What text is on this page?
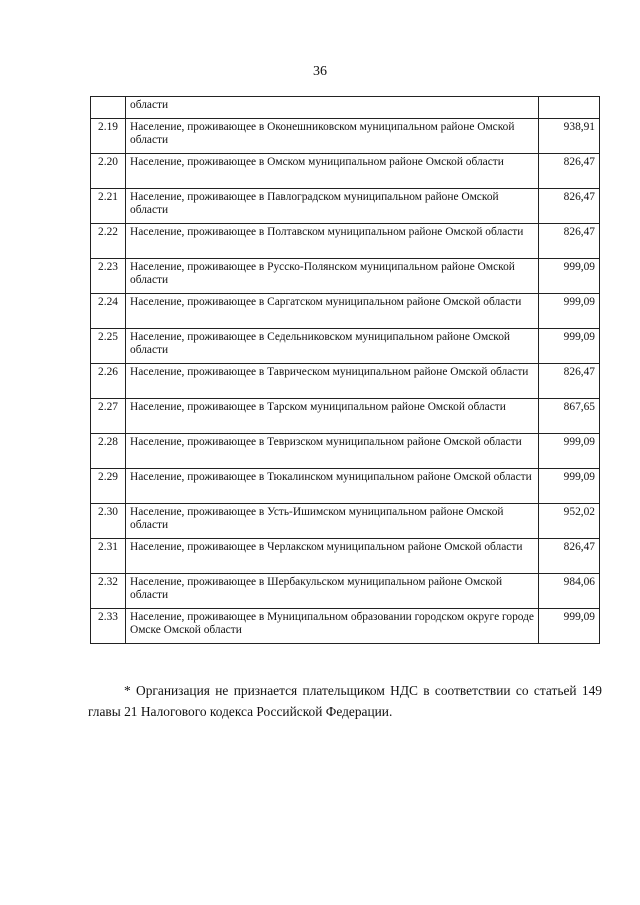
36
	области	
2.19	Население, проживающее в Оконешниковском муниципальном районе Омской области	938,91
2.20	Население, проживающее в Омском муниципальном районе Омской области	826,47
2.21	Население, проживающее в Павлоградском муниципальном районе Омской области	826,47
2.22	Население, проживающее в Полтавском муниципальном районе Омской области	826,47
2.23	Население, проживающее в Русско-Полянском муниципальном районе Омской области	999,09
2.24	Население, проживающее в Саргатском муниципальном районе Омской области	999,09
2.25	Население, проживающее в Седельниковском муниципальном районе Омской области	999,09
2.26	Население, проживающее в Таврическом муниципальном районе Омской области	826,47
2.27	Население, проживающее в Тарском муниципальном районе Омской области	867,65
2.28	Население, проживающее в Тевризском муниципальном районе Омской области	999,09
2.29	Население, проживающее в Тюкалинском муниципальном районе Омской области	999,09
2.30	Население, проживающее в Усть-Ишимском муниципальном районе Омской области	952,02
2.31	Население, проживающее в Черлакском муниципальном районе Омской области	826,47
2.32	Население, проживающее в Шербакульском муниципальном районе Омской области	984,06
2.33	Население, проживающее в Муниципальном образовании городском округе городе Омске Омской области	999,09
* Организация не признается плательщиком НДС в соответствии со статьей 149 главы 21 Налогового кодекса Российской Федерации.
